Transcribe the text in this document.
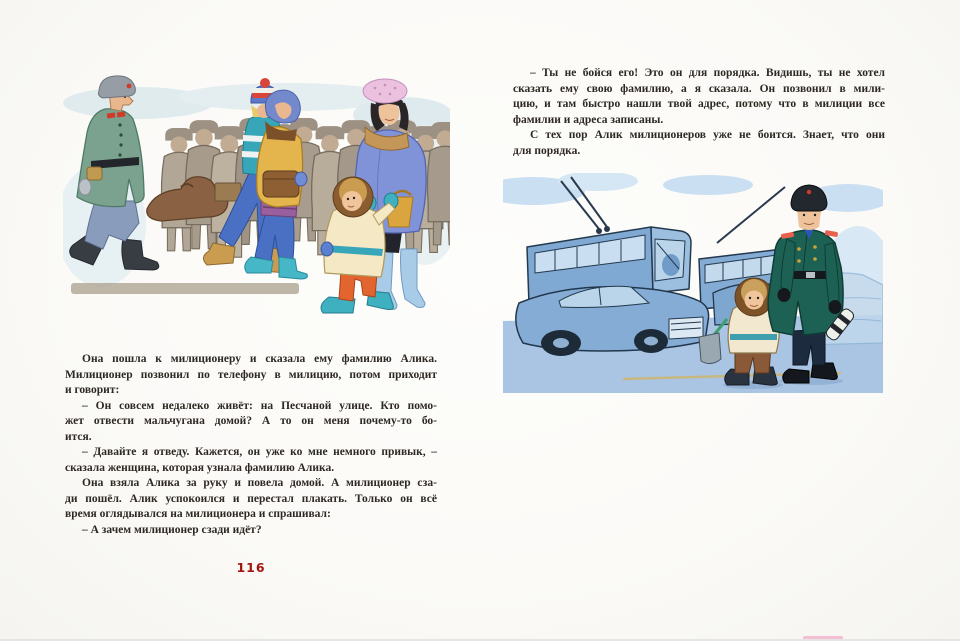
– Ты не бойся его! Это он для порядка. Видишь, ты не хотел

сказать ему свою фамилию, а я сказала. Он позвонил в мили-

цию, и там быстро нашли твой адрес, потому что в милиции все

фамилии и адреса записаны.

С тех пор Алик милиционеров уже не боится. Знает, что они

для порядка.

Она пошла к милиционеру и сказала ему фамилию Алика.

Милиционер позвонил по телефону в милицию, потом приходит

и говорит:

– Он совсем недалеко живёт: на Песчаной улице. Кто помо-

жет отвести мальчугана домой? А то он меня почему-то бо-

ится.

– Давайте я отведу. Кажется, он уже ко мне немного привык, –

сказала женщина, которая узнала фамилию Алика.

Она взяла Алика за руку и повела домой. А милиционер сза-

ди пошёл. Алик успокоился и перестал плакать. Только он всё

время оглядывался на милиционера и спрашивал:

– А зачем милиционер сзади идёт?

116
